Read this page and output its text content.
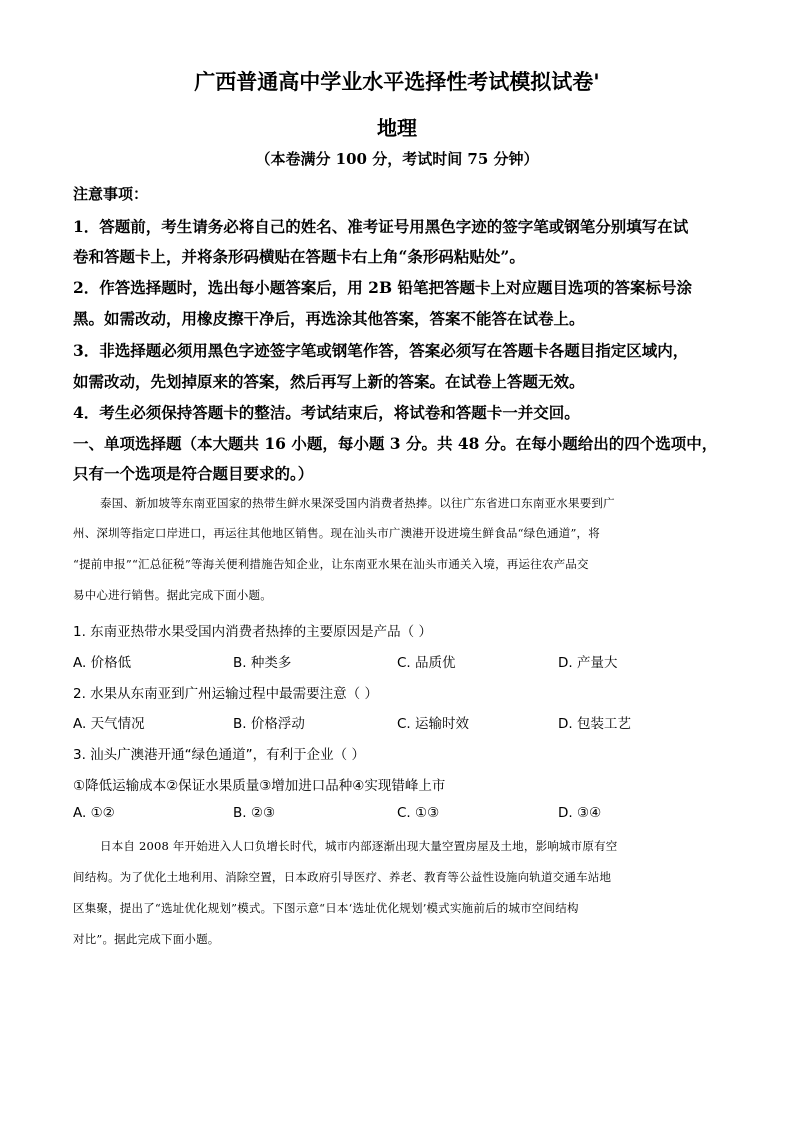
广西普通高中学业水平选择性考试模拟试卷'
地理
（本卷满分 100 分，考试时间 75 分钟）
注意事项：
1．答题前，考生请务必将自己的姓名、准考证号用黑色字迹的签字笔或钢笔分别填写在试
卷和答题卡上，并将条形码横贴在答题卡右上角“条形码粘贴处”。
2．作答选择题时，选出每小题答案后，用 2B 铅笔把答题卡上对应题目选项的答案标号涂
黑。如需改动，用橡皮擦干净后，再选涂其他答案，答案不能答在试卷上。
3．非选择题必须用黑色字迹签字笔或钢笔作答，答案必须写在答题卡各题目指定区域内，
如需改动，先划掉原来的答案，然后再写上新的答案。在试卷上答题无效。
4．考生必须保持答题卡的整洁。考试结束后，将试卷和答题卡一并交回。
一、单项选择题（本大题共 16 小题，每小题 3 分。共 48 分。在每小题给出的四个选项中，
只有一个选项是符合题目要求的。）
泰国、新加坡等东南亚国家的热带生鲜水果深受国内消费者热捧。以往广东省进口东南亚水果要到广
州、深圳等指定口岸进口，再运往其他地区销售。现在汕头市广澳港开设进境生鲜食品“绿色通道”，将
“提前申报”“汇总征税”等海关便利措施告知企业，让东南亚水果在汕头市通关入境，再运往农产品交
易中心进行销售。据此完成下面小题。
1. 东南亚热带水果受国内消费者热捧的主要原因是产品（ ）
A. 价格低	B. 种类多	C. 品质优	D. 产量大
2. 水果从东南亚到广州运输过程中最需要注意（ ）
A. 天气情况	B. 价格浮动	C. 运输时效	D. 包装工艺
3. 汕头广澳港开通“绿色通道”，有利于企业（ ）
①降低运输成本②保证水果质量③增加进口品种④实现错峰上市
A. ①②	B. ②③	C. ①③	D. ③④
日本自 2008 年开始进入人口负增长时代，城市内部逐渐出现大量空置房屋及土地，影响城市原有空
间结构。为了优化土地利用、消除空置，日本政府引导医疗、养老、教育等公益性设施向轨道交通车站地
区集聚，提出了“选址优化规划”模式。下图示意“日本‘选址优化规划’模式实施前后的城市空间结构
对比”。据此完成下面小题。
